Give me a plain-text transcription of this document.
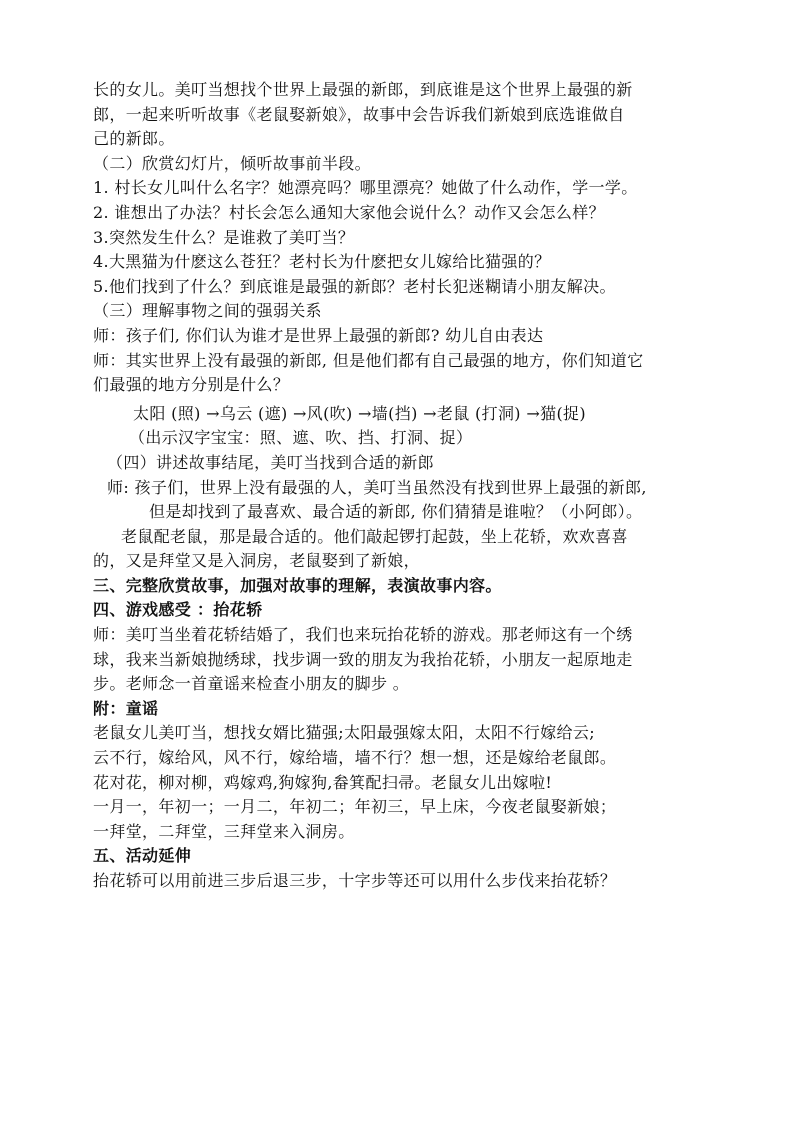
长的女儿。美叮当想找个世界上最强的新郎，到底谁是这个世界上最强的新
郎，一起来听听故事《老鼠娶新娘》，故事中会告诉我们新娘到底选谁做自
己的新郎。
（二）欣赏幻灯片，倾听故事前半段。
1. 村长女儿叫什么名字？她漂亮吗？哪里漂亮？她做了什么动作，学一学。
2. 谁想出了办法？村长会怎么通知大家他会说什么？动作又会怎么样？
3.突然发生什么？是谁救了美叮当？
4.大黑猫为什麽这么苍狂？老村长为什麽把女儿嫁给比猫强的？
5.他们找到了什么？到底谁是最强的新郎？老村长犯迷糊请小朋友解决。
（三）理解事物之间的强弱关系
师：孩子们, 你们认为谁才是世界上最强的新郎? 幼儿自由表达
师：其实世界上没有最强的新郎, 但是他们都有自己最强的地方，你们知道它
们最强的地方分别是什么？
太阳 (照) →乌云 (遮) →风(吹) →墙(挡) →老鼠 (打洞) →猫(捉)
（出示汉字宝宝：照、遮、吹、挡、打洞、捉）
（四）讲述故事结尾，美叮当找到合适的新郎
师: 孩子们，世界上没有最强的人，美叮当虽然没有找到世界上最强的新郎,
但是却找到了最喜欢、最合适的新郎, 你们猜猜是谁啦？（小阿郎）。
老鼠配老鼠，那是最合适的。他们敲起锣打起鼓，坐上花轿，欢欢喜喜
的，又是拜堂又是入洞房，老鼠娶到了新娘，
三、完整欣赏故事，加强对故事的理解，表演故事内容。
四、游戏感受 ：抬花轿
师：美叮当坐着花轿结婚了，我们也来玩抬花轿的游戏。那老师这有一个绣
球，我来当新娘抛绣球，找步调一致的朋友为我抬花轿，小朋友一起原地走
步。老师念一首童谣来检查小朋友的脚步 。
附：童谣
老鼠女儿美叮当，想找女婿比猫强;太阳最强嫁太阳，太阳不行嫁给云;
云不行，嫁给风，风不行，嫁给墙，墙不行？想一想，还是嫁给老鼠郎。
花对花，柳对柳，鸡嫁鸡,狗嫁狗,畚箕配扫帚。老鼠女儿出嫁啦!
一月一，年初一；一月二，年初二；年初三，早上床，今夜老鼠娶新娘；
一拜堂，二拜堂，三拜堂来入洞房。
五、活动延伸
抬花轿可以用前进三步后退三步，十字步等还可以用什么步伐来抬花轿？
